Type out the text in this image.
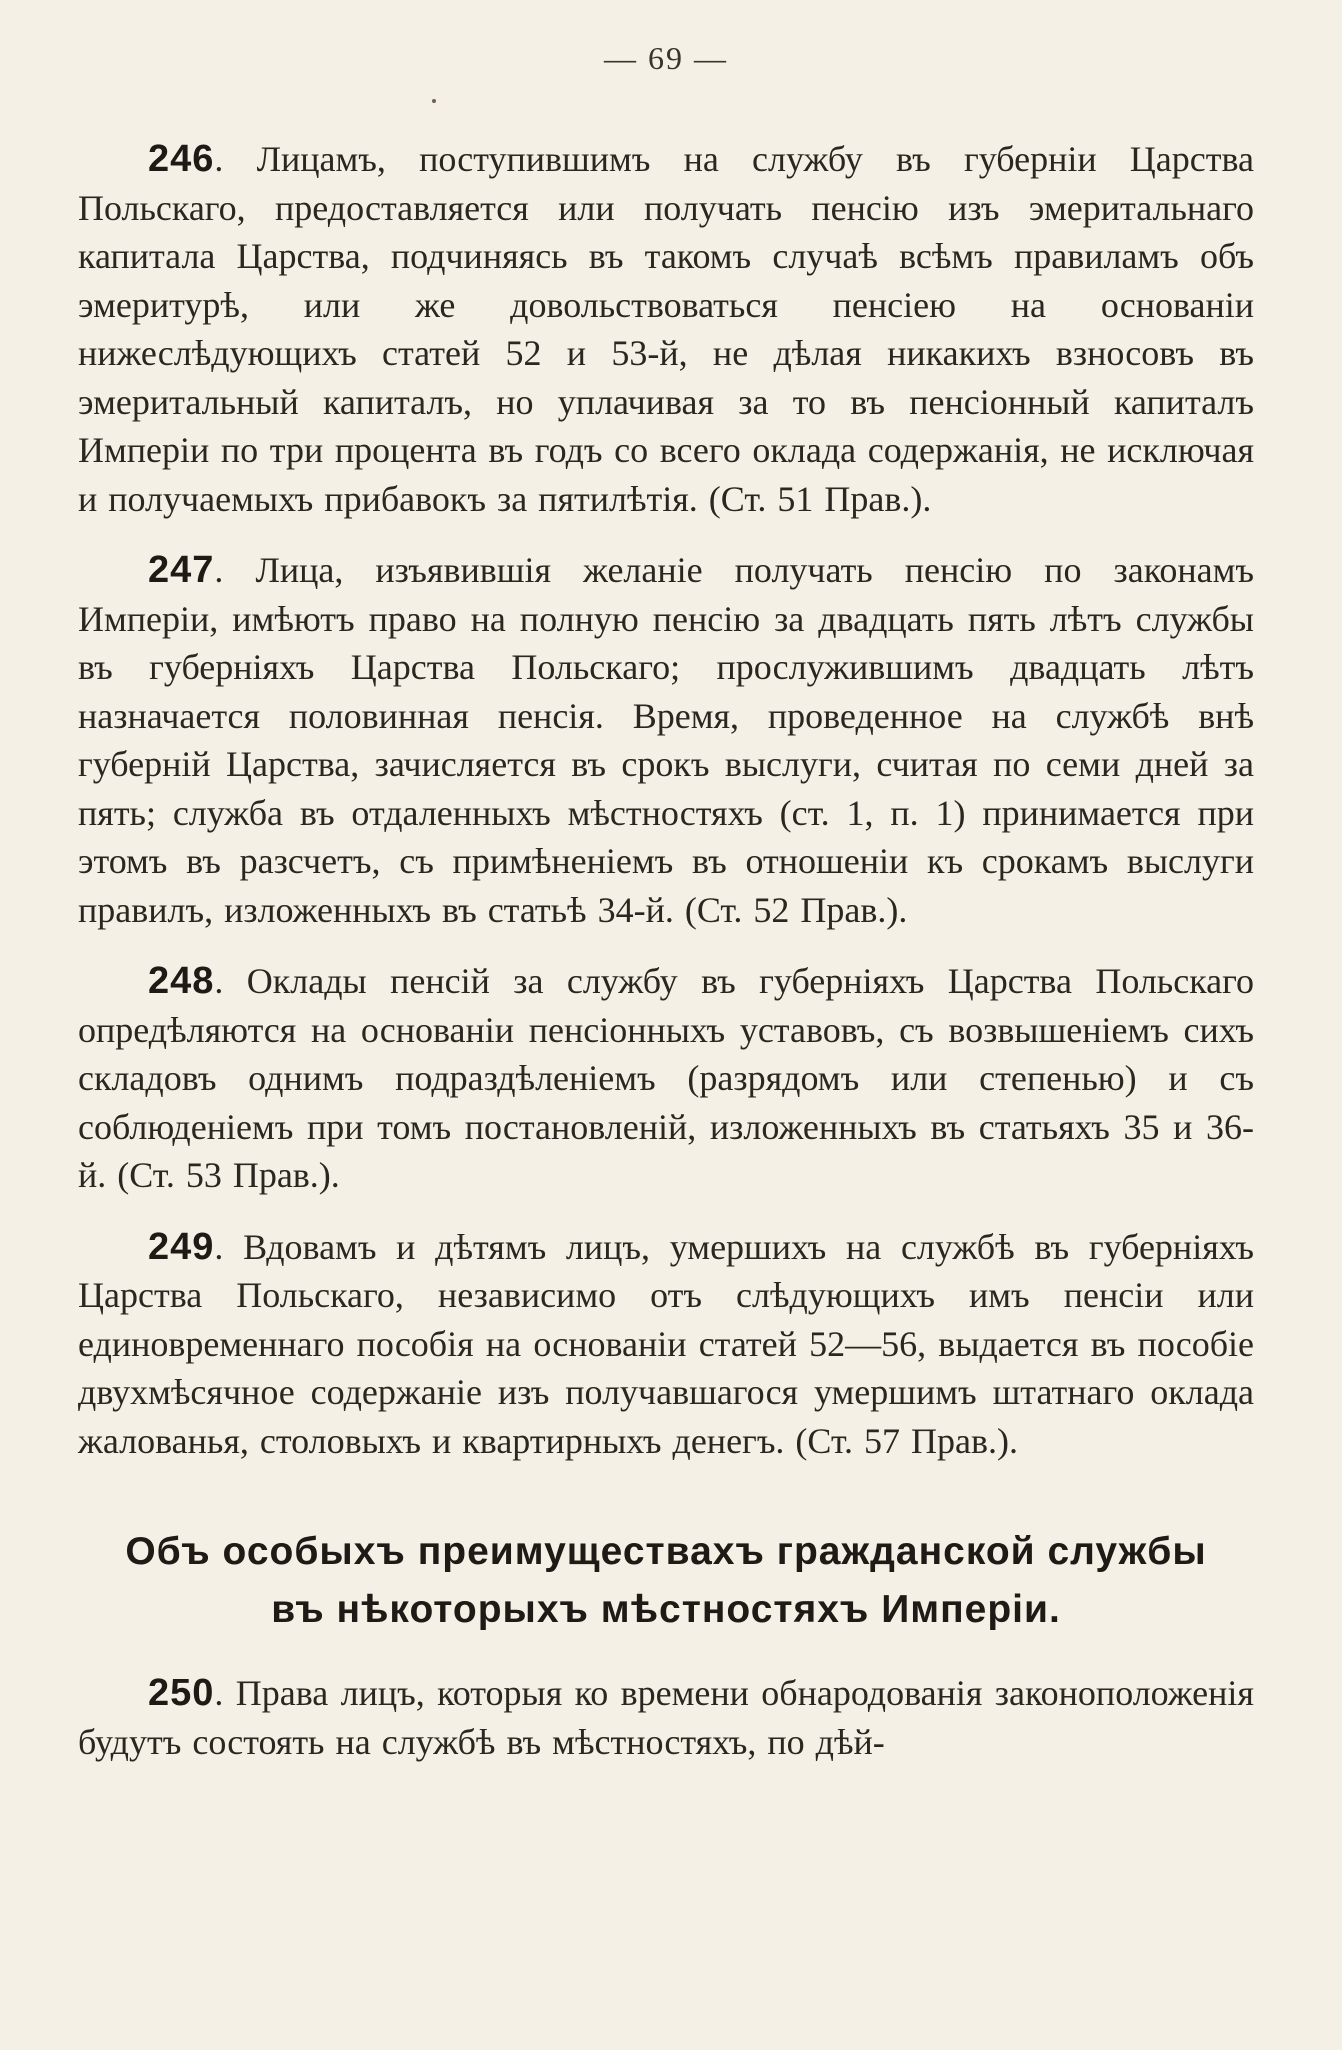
— 69 —

246. Лицамъ, поступившимъ на службу въ губерніи Царства Польскаго, предоставляется или получать пенсію изъ эмеритальнаго капитала Царства, подчиняясь въ такомъ случаѣ всѣмъ правиламъ объ эмеритурѣ, или же довольствоваться пенсіею на основаніи нижеслѣдующихъ статей 52 и 53-й, не дѣлая никакихъ взносовъ въ эмеритальный капиталъ, но уплачивая за то въ пенсіонный капиталъ Имперіи по три процента въ годъ со всего оклада содержанія, не исключая и получаемыхъ прибавокъ за пятилѣтія. (Ст. 51 Прав.).

247. Лица, изъявившія желаніе получать пенсію по законамъ Имперіи, имѣютъ право на полную пенсію за двадцать пять лѣтъ службы въ губерніяхъ Царства Польскаго; прослужившимъ двадцать лѣтъ назначается половинная пенсія. Время, проведенное на службѣ внѣ губерній Царства, зачисляется въ срокъ выслуги, считая по семи дней за пять; служба въ отдаленныхъ мѣстностяхъ (ст. 1, п. 1) принимается при этомъ въ разсчетъ, съ примѣненіемъ въ отношеніи къ срокамъ выслуги правилъ, изложенныхъ въ статьѣ 34-й. (Ст. 52 Прав.).

248. Оклады пенсій за службу въ губерніяхъ Царства Польскаго опредѣляются на основаніи пенсіонныхъ уставовъ, съ возвышеніемъ сихъ складовъ однимъ подраздѣленіемъ (разрядомъ или степенью) и съ соблюденіемъ при томъ постановленій, изложенныхъ въ статьяхъ 35 и 36-й. (Ст. 53 Прав.).

249. Вдовамъ и дѣтямъ лицъ, умершихъ на службѣ въ губерніяхъ Царства Польскаго, независимо отъ слѣдующихъ имъ пенсіи или единовременнаго пособія на основаніи статей 52—56, выдается въ пособіе двухмѣсячное содержаніе изъ получавшагося умершимъ штатнаго оклада жалованья, столовыхъ и квартирныхъ денегъ. (Ст. 57 Прав.).

Объ особыхъ преимуществахъ гражданской службы въ нѣкоторыхъ мѣстностяхъ Имперіи.

250. Права лицъ, которыя ко времени обнародованія законоположенія будутъ состоять на службѣ въ мѣстностяхъ, по дѣй-
